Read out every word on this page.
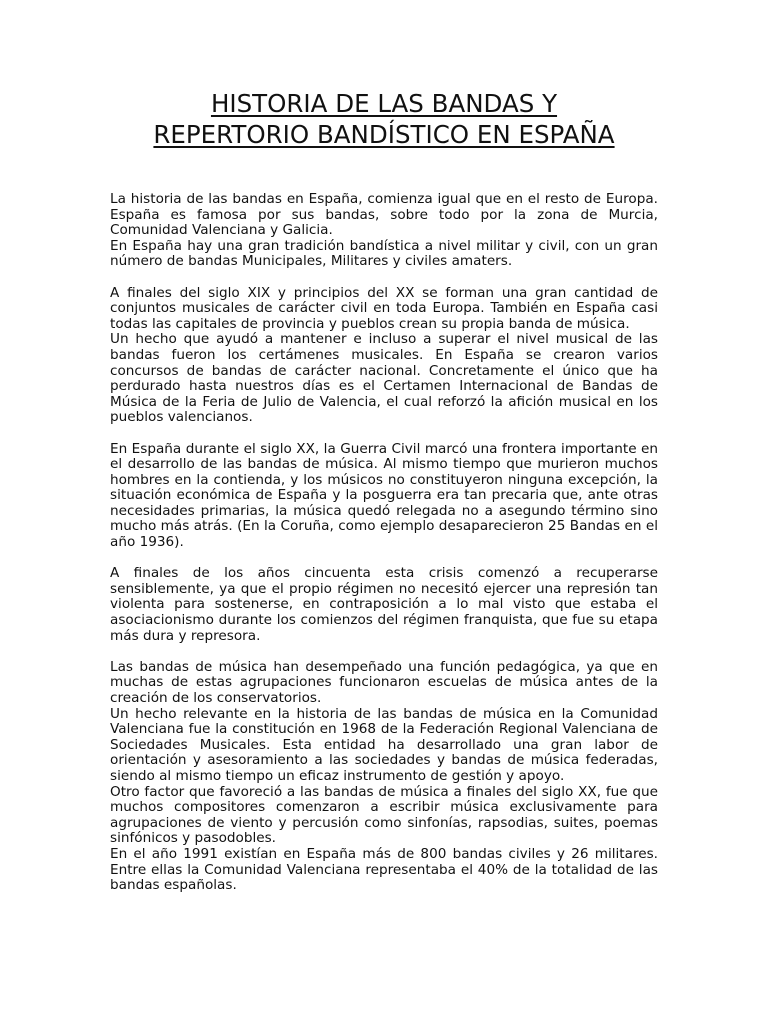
HISTORIA DE LAS BANDAS Y
REPERTORIO BANDÍSTICO EN ESPAÑA

La historia de las bandas en España, comienza igual que en el resto de Europa. España es famosa por sus bandas, sobre todo por la zona de Murcia, Comunidad Valenciana y Galicia.

En España hay una gran tradición bandística a nivel militar y civil, con un gran número de bandas Municipales, Militares y civiles amaters.

A finales del siglo XIX y principios del XX se forman una gran cantidad de conjuntos musicales de carácter civil en toda Europa. También en España casi todas las capitales de provincia y pueblos crean su propia banda de música.

Un hecho que ayudó a mantener e incluso a superar el nivel musical de las bandas fueron los certámenes musicales. En España se crearon varios concursos de bandas de carácter nacional. Concretamente el único que ha perdurado hasta nuestros días es el Certamen Internacional de Bandas de Música de la Feria de Julio de Valencia, el cual reforzó la afición musical en los pueblos valencianos.

En España durante el siglo XX, la Guerra Civil marcó una frontera importante en el desarrollo de las bandas de música. Al mismo tiempo que murieron muchos hombres en la contienda, y los músicos no constituyeron ninguna excepción, la situación económica de España y la posguerra era tan precaria que, ante otras necesidades primarias, la música quedó relegada no a asegundo término sino mucho más atrás. (En la Coruña, como ejemplo desaparecieron 25 Bandas en el año 1936).

A finales de los años cincuenta esta crisis comenzó a recuperarse sensiblemente, ya que el propio régimen no necesitó ejercer una represión tan violenta para sostenerse, en contraposición a lo mal visto que estaba el asociacionismo durante los comienzos del régimen franquista, que fue su etapa más dura y represora.

Las bandas de música han desempeñado una función pedagógica, ya que en muchas de estas agrupaciones funcionaron escuelas de música antes de la creación de los conservatorios.

Un hecho relevante en la historia de las bandas de música en la Comunidad Valenciana fue la constitución en 1968 de la Federación Regional Valenciana de Sociedades Musicales. Esta entidad ha desarrollado una gran labor de orientación y asesoramiento a las sociedades y bandas de música federadas, siendo al mismo tiempo un eficaz instrumento de gestión y apoyo.

Otro factor que favoreció a las bandas de música a finales del siglo XX, fue que muchos compositores comenzaron a escribir música exclusivamente para agrupaciones de viento y percusión como sinfonías, rapsodias, suites, poemas sinfónicos y pasodobles.

En el año 1991 existían en España más de 800 bandas civiles y 26 militares. Entre ellas la Comunidad Valenciana representaba el 40% de la totalidad de las bandas españolas.
